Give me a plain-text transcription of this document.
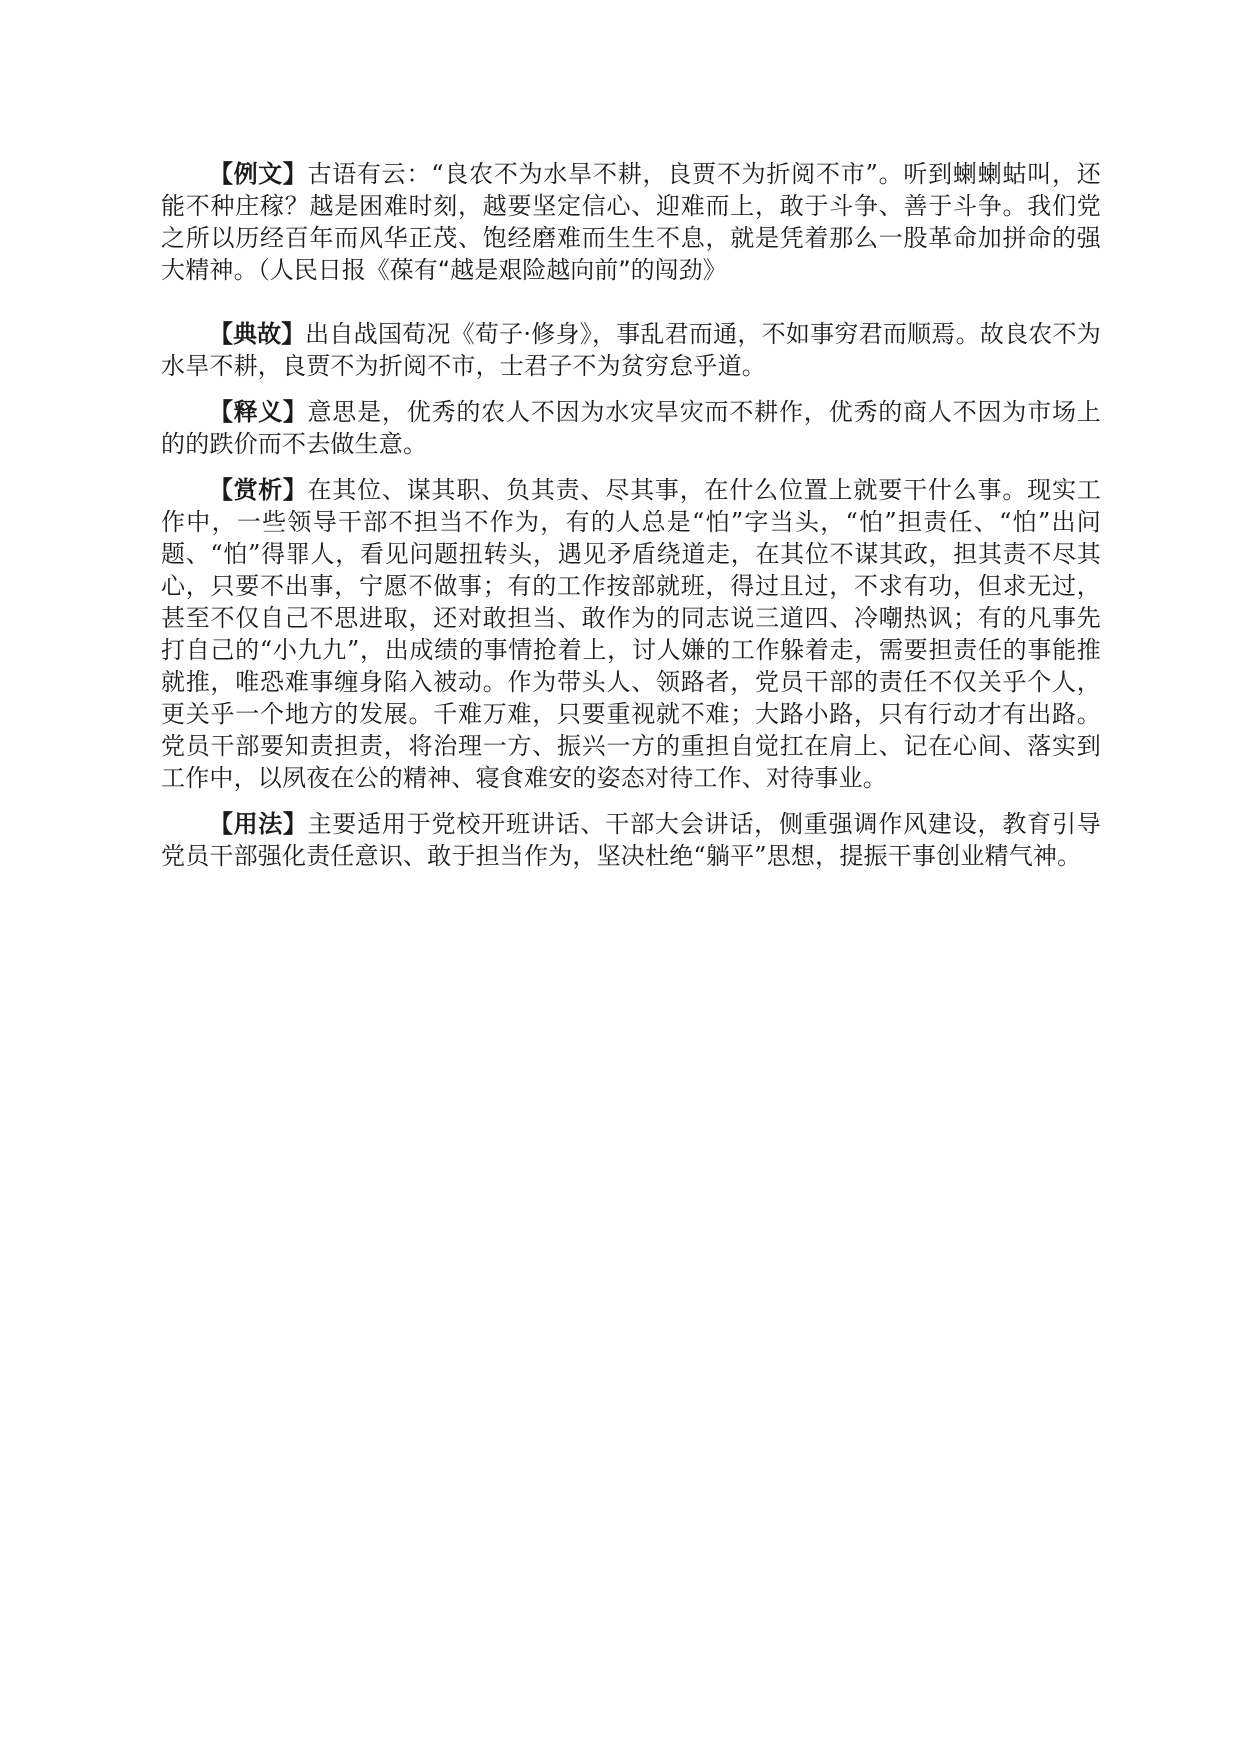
【例文】古语有云：“良农不为水旱不耕，良贾不为折阅不市”。听到蝲蝲蛄叫，还能不种庄稼？越是困难时刻，越要坚定信心、迎难而上，敢于斗争、善于斗争。我们党之所以历经百年而风华正茂、饱经磨难而生生不息，就是凭着那么一股革命加拼命的强大精神。（人民日报《葆有“越是艰险越向前”的闯劲》

【典故】出自战国荀况《荀子·修身》，事乱君而通，不如事穷君而顺焉。故良农不为水旱不耕，良贾不为折阅不市，士君子不为贫穷怠乎道。

【释义】意思是，优秀的农人不因为水灾旱灾而不耕作，优秀的商人不因为市场上的的跌价而不去做生意。

【赏析】在其位、谋其职、负其责、尽其事，在什么位置上就要干什么事。现实工作中，一些领导干部不担当不作为，有的人总是“怕”字当头，“怕”担责任、“怕”出问题、“怕”得罪人，看见问题扭转头，遇见矛盾绕道走，在其位不谋其政，担其责不尽其心，只要不出事，宁愿不做事；有的工作按部就班，得过且过，不求有功，但求无过，甚至不仅自己不思进取，还对敢担当、敢作为的同志说三道四、冷嘲热讽；有的凡事先打自己的“小九九”，出成绩的事情抢着上，讨人嫌的工作躲着走，需要担责任的事能推就推，唯恐难事缠身陷入被动。作为带头人、领路者，党员干部的责任不仅关乎个人，更关乎一个地方的发展。千难万难，只要重视就不难；大路小路，只有行动才有出路。党员干部要知责担责，将治理一方、振兴一方的重担自觉扛在肩上、记在心间、落实到工作中，以夙夜在公的精神、寝食难安的姿态对待工作、对待事业。

【用法】主要适用于党校开班讲话、干部大会讲话，侧重强调作风建设，教育引导党员干部强化责任意识、敢于担当作为，坚决杜绝“躺平”思想，提振干事创业精气神。
